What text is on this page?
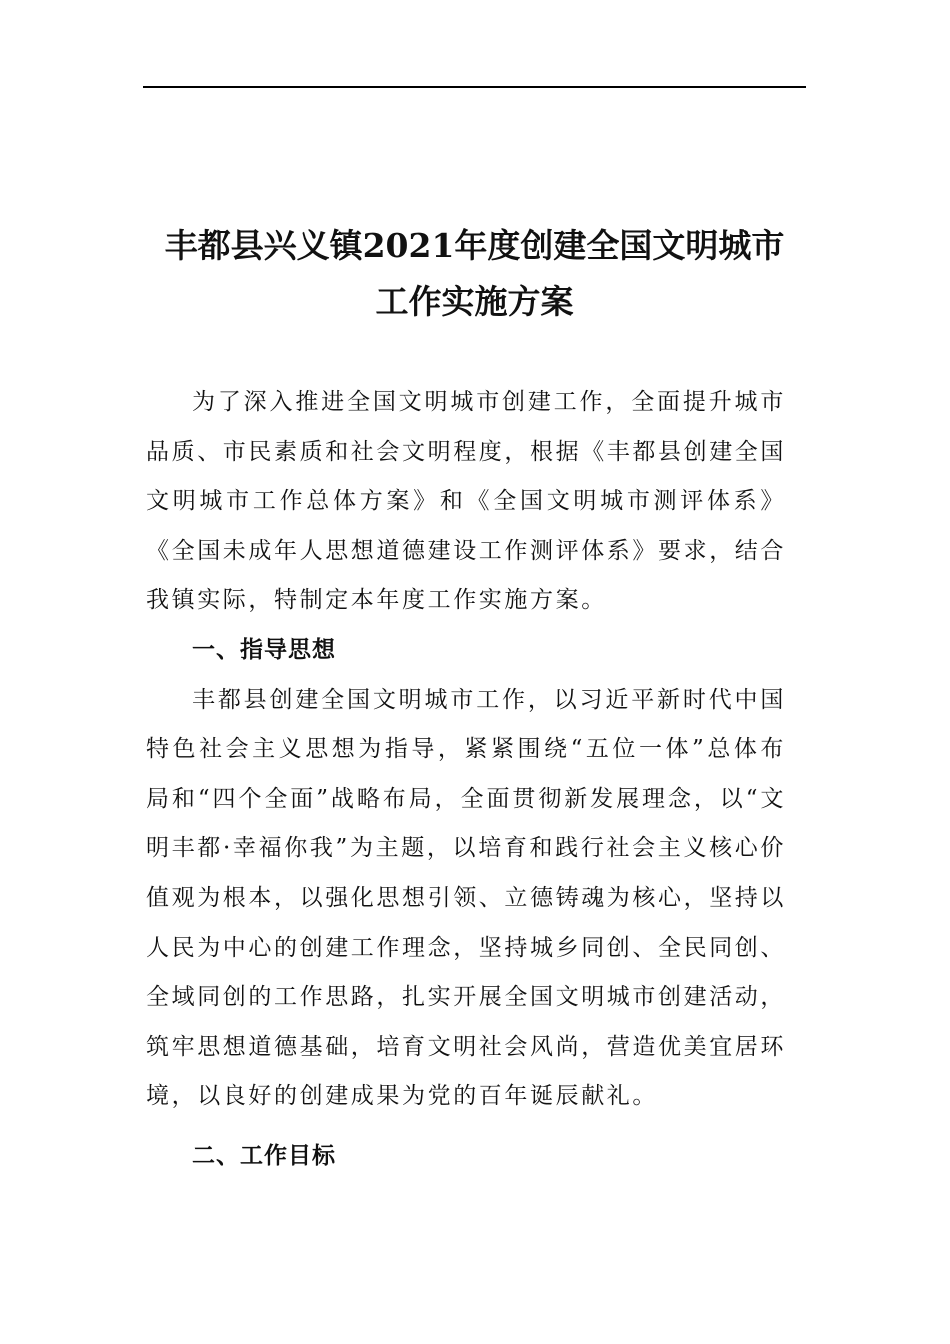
丰都县兴义镇2021年度创建全国文明城市
工作实施方案

为了深入推进全国文明城市创建工作，全面提升城市品质、市民素质和社会文明程度，根据《丰都县创建全国文明城市工作总体方案》和《全国文明城市测评体系》《全国未成年人思想道德建设工作测评体系》要求，结合我镇实际，特制定本年度工作实施方案。

一、指导思想

丰都县创建全国文明城市工作，以习近平新时代中国特色社会主义思想为指导，紧紧围绕“五位一体”总体布局和“四个全面”战略布局，全面贯彻新发展理念，以“文明丰都·幸福你我”为主题，以培育和践行社会主义核心价值观为根本，以强化思想引领、立德铸魂为核心，坚持以人民为中心的创建工作理念，坚持城乡同创、全民同创、全域同创的工作思路，扎实开展全国文明城市创建活动，筑牢思想道德基础，培育文明社会风尚，营造优美宜居环境，以良好的创建成果为党的百年诞辰献礼。

二、工作目标
